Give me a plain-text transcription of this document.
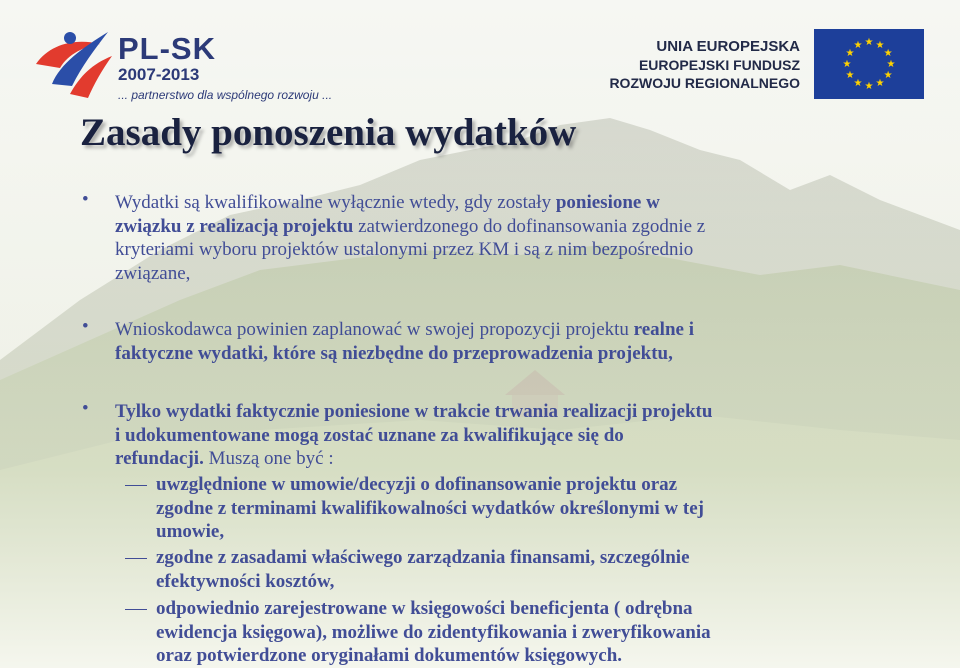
PL-SK
2007-2013
... partnerstwo dla wspólnego rozwoju ...
UNIA EUROPEJSKA
EUROPEJSKI FUNDUSZ
ROZWOJU REGIONALNEGO
★ ★
★
★
★
★
★
★
★
★
★
★
Zasady ponoszenia wydatków
• Wydatki są kwalifikowalne wyłącznie wtedy, gdy zostały poniesione w
związku z realizacją projektu zatwierdzonego do dofinansowania zgodnie z
kryteriami wyboru projektów ustalonymi przez KM i są z nim bezpośrednio
związane,
• Wnioskodawca powinien zaplanować w swojej propozycji projektu realne i
faktyczne wydatki, które są niezbędne do przeprowadzenia projektu,
• Tylko wydatki faktycznie poniesione w trakcie trwania realizacji projektu
i udokumentowane mogą zostać uznane za kwalifikujące się do
refundacji. Muszą one być :
uwzględnione w umowie/decyzji o dofinansowanie projektu oraz
zgodne z terminami kwalifikowalności wydatków określonymi w tej
umowie,
zgodne z zasadami właściwego zarządzania finansami, szczególnie
efektywności kosztów,
odpowiednio zarejestrowane w księgowości beneficjenta ( odrębna
ewidencja księgowa), możliwe do zidentyfikowania i zweryfikowania
oraz potwierdzone oryginałami dokumentów księgowych.
